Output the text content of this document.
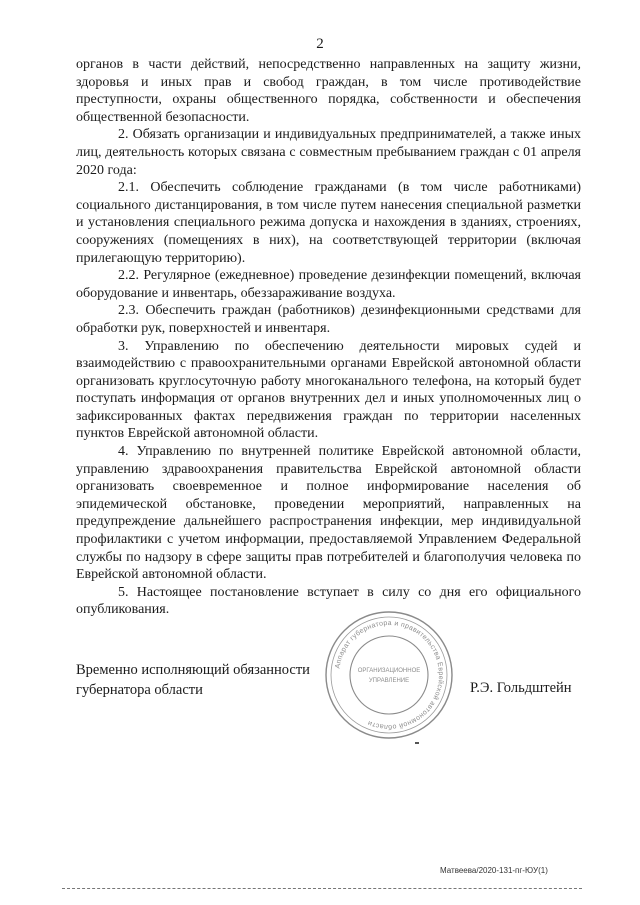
2

органов в части действий, непосредственно направленных на защиту жизни, здоровья и иных прав и свобод граждан, в том числе противодействие преступности, охраны общественного порядка, собственности и обеспечения общественной безопасности.

2. Обязать организации и индивидуальных предпринимателей, а также иных лиц, деятельность которых связана с совместным пребыванием граждан с 01 апреля 2020 года:

2.1. Обеспечить соблюдение гражданами (в том числе работниками) социального дистанцирования, в том числе путем нанесения специальной разметки и установления специального режима допуска и нахождения в зданиях, строениях, сооружениях (помещениях в них), на соответствующей территории (включая прилегающую территорию).

2.2. Регулярное (ежедневное) проведение дезинфекции помещений, включая оборудование и инвентарь, обеззараживание воздуха.

2.3. Обеспечить граждан (работников) дезинфекционными средствами для обработки рук, поверхностей и инвентаря.

3. Управлению по обеспечению деятельности мировых судей и взаимодействию с правоохранительными органами Еврейской автономной области организовать круглосуточную работу многоканального телефона, на который будет поступать информация от органов внутренних дел и иных уполномоченных лиц о зафиксированных фактах передвижения граждан по территории населенных пунктов Еврейской автономной области.

4. Управлению по внутренней политике Еврейской автономной области, управлению здравоохранения правительства Еврейской автономной области организовать своевременное и полное информирование населения об эпидемической обстановке, проведении мероприятий, направленных на предупреждение дальнейшего распространения инфекции, мер индивидуальной профилактики с учетом информации, предоставляемой Управлением Федеральной службы по надзору в сфере защиты прав потребителей и благополучия человека по Еврейской автономной области.

5. Настоящее постановление вступает в силу со дня его официального опубликования.

Временно исполняющий обязанности
губернатора области
Аппарат губернатора и правительства Еврейской автономной области
ОРГАНИЗАЦИОННОЕ
УПРАВЛЕНИЕ	Р.Э. Гольдштейн
Матвеева/2020-131-пг-ЮУ(1)
